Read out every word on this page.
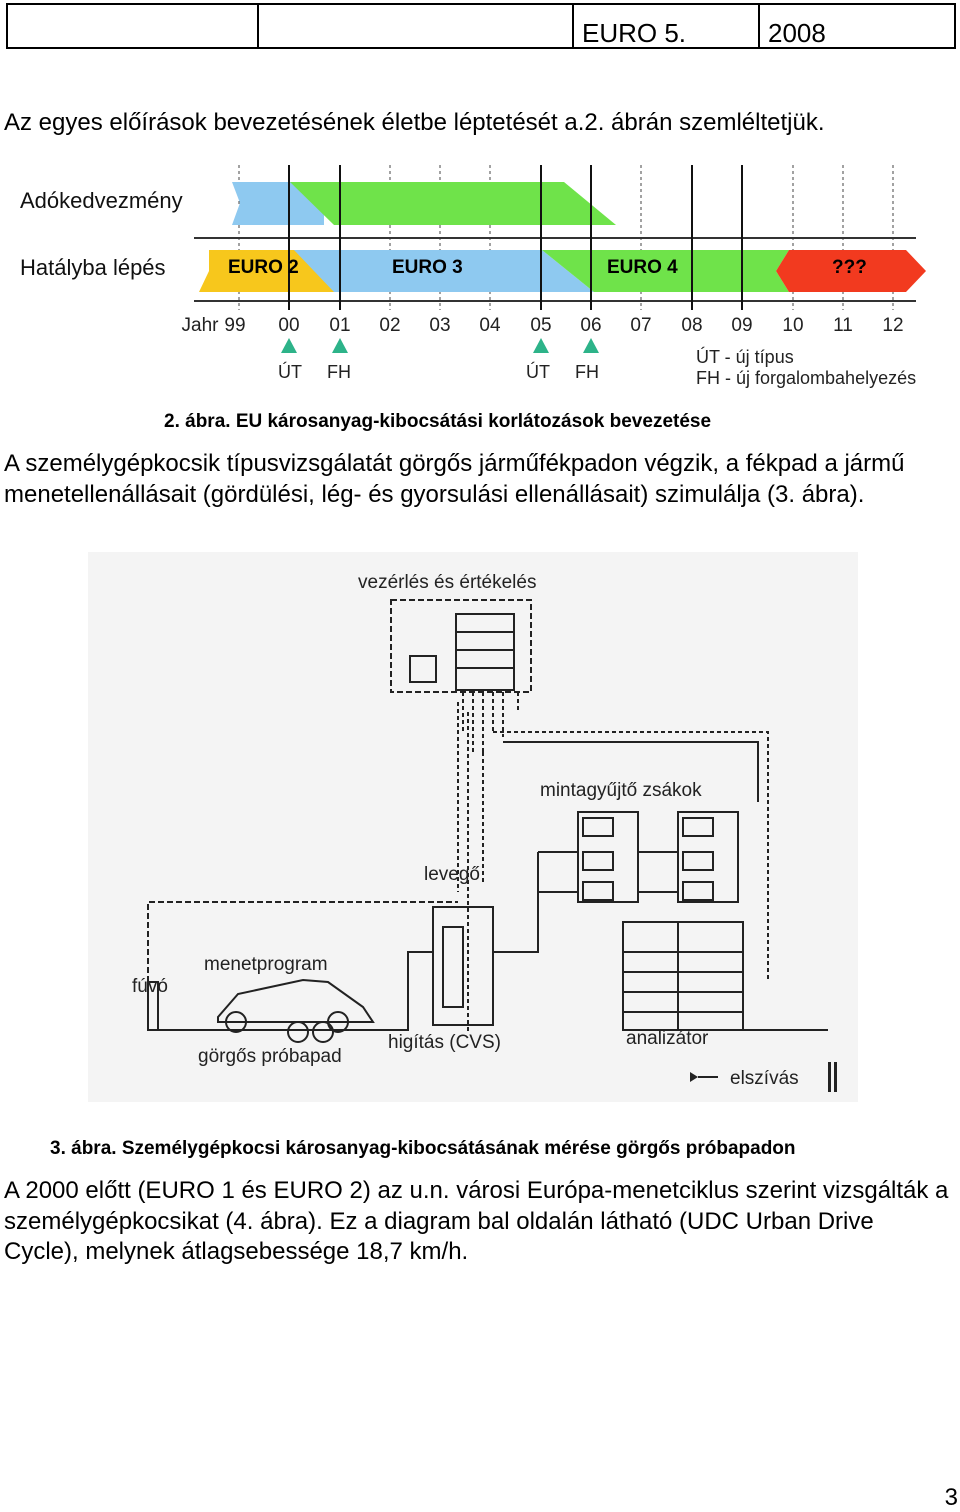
EURO 5.	2008

Az egyes előírások bevezetésének életbe léptetését a.2. ábrán szemléltetjük.

Adókedvezmény
Hatályba lépés	EURO 2	EURO 3	EURO 4	???
Jahr 99	00	01	02	03	04	05	06	07	08	09	10	11	12
ÚT FH	ÚT FH
ÚT - új típus
FH - új forgalombahelyezés
2. ábra. EU károsanyag-kibocsátási korlátozások bevezetése

A személygépkocsik típusvizsgálatát görgős járműfékpadon végzik, a fékpad a jármű menetellenállásait (gördülési, lég- és gyorsulási ellenállásait) szimulálja (3. ábra).

vezérlés és értékelés
mintagyűjtő zsákok
levegő
menetprogram
fúvó
higítás (CVS)
görgős próbapad
analizátor
elszívás
3. ábra. Személygépkocsi károsanyag-kibocsátásának mérése görgős próbapadon

A 2000 előtt (EURO 1 és EURO 2) az u.n. városi Európa-menetciklus szerint vizsgálták a személygépkocsikat (4. ábra). Ez a diagram bal oldalán látható (UDC Urban Drive Cycle), melynek átlagsebessége 18,7 km/h.

3
